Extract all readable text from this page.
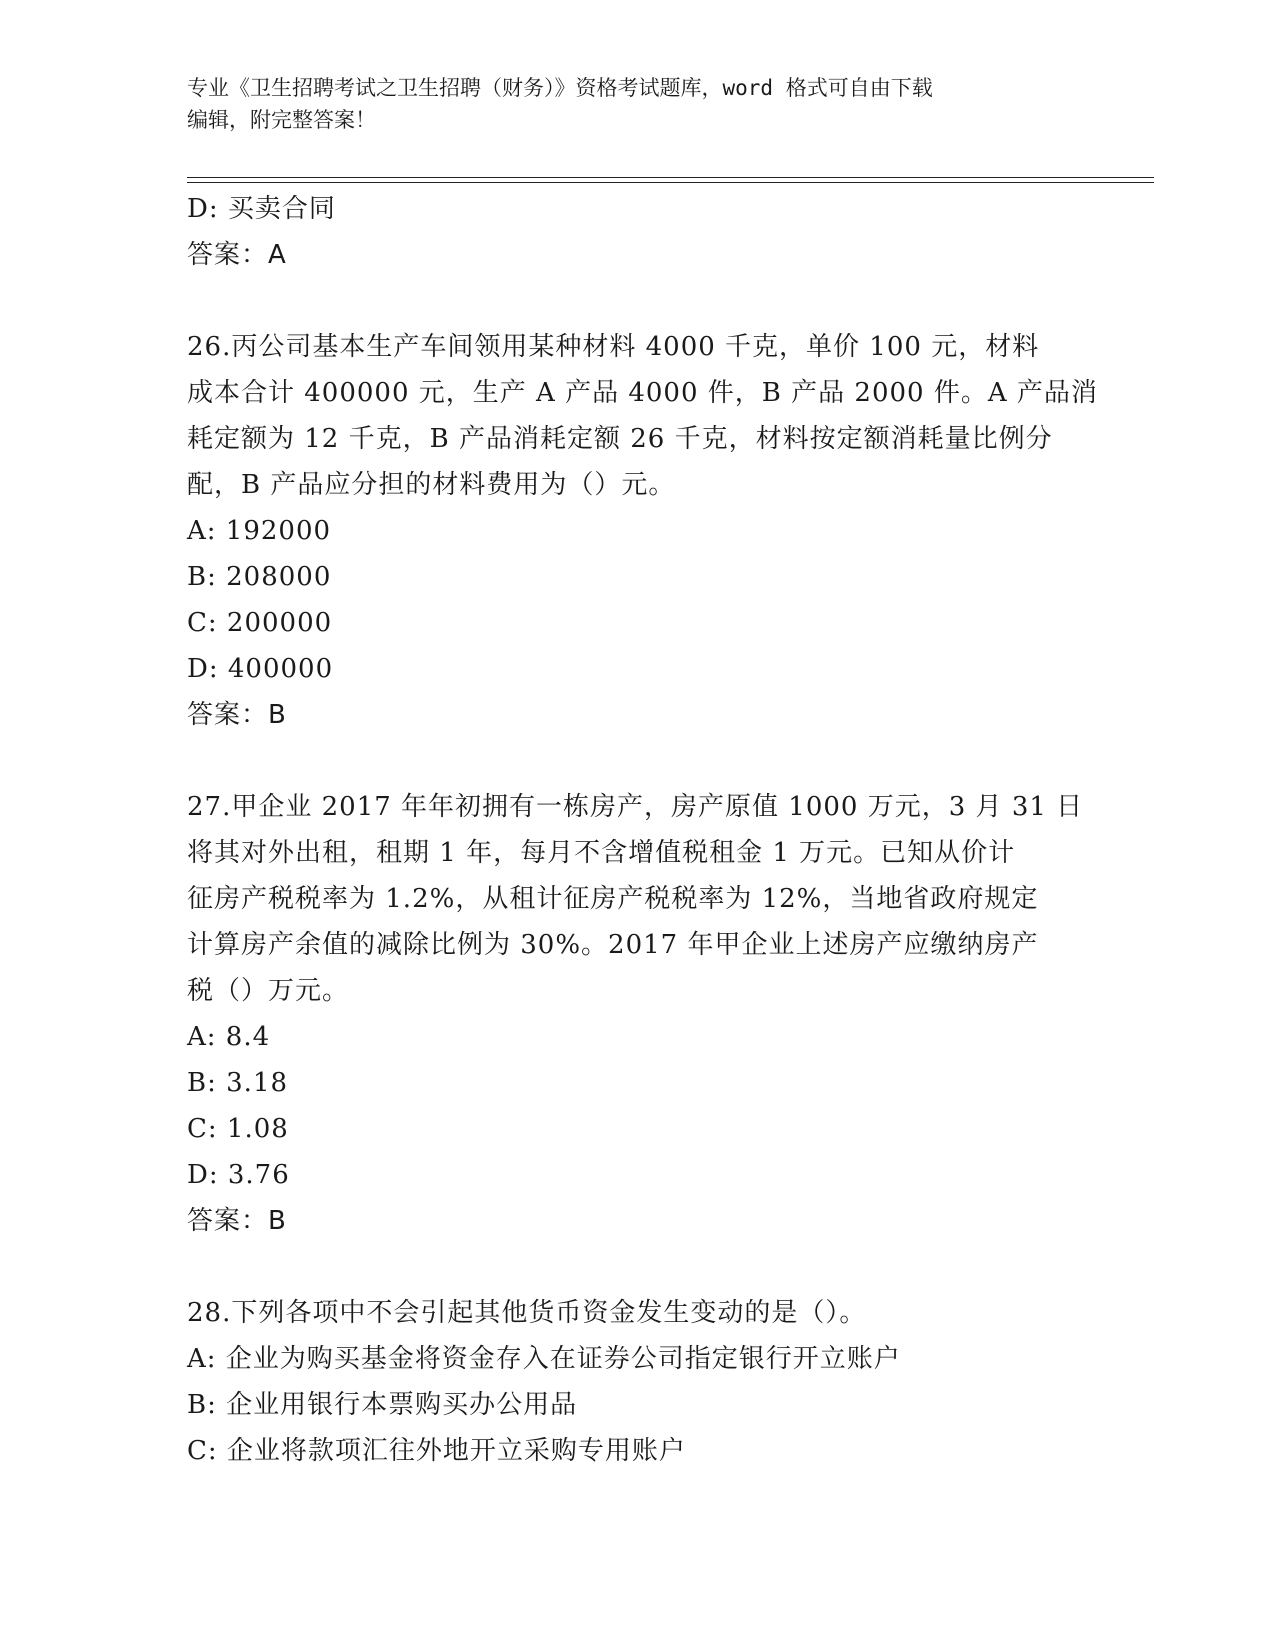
专业《卫生招聘考试之卫生招聘（财务）》资格考试题库，word 格式可自由下载
编辑，附完整答案！
D: 买卖合同
答案：A
26.丙公司基本生产车间领用某种材料 4000 千克，单价 100 元，材料
成本合计 400000 元，生产 A 产品 4000 件，B 产品 2000 件。A 产品消
耗定额为 12 千克，B 产品消耗定额 26 千克，材料按定额消耗量比例分
配，B 产品应分担的材料费用为（）元。
A: 192000
B: 208000
C: 200000
D: 400000
答案：B
27.甲企业 2017 年年初拥有一栋房产，房产原值 1000 万元，3 月 31 日
将其对外出租，租期 1 年，每月不含增值税租金 1 万元。已知从价计
征房产税税率为 1.2%，从租计征房产税税率为 12%，当地省政府规定
计算房产余值的减除比例为 30%。2017 年甲企业上述房产应缴纳房产
税（）万元。
A: 8.4
B: 3.18
C: 1.08
D: 3.76
答案：B
28.下列各项中不会引起其他货币资金发生变动的是（）。
A: 企业为购买基金将资金存入在证券公司指定银行开立账户
B: 企业用银行本票购买办公用品
C: 企业将款项汇往外地开立采购专用账户
